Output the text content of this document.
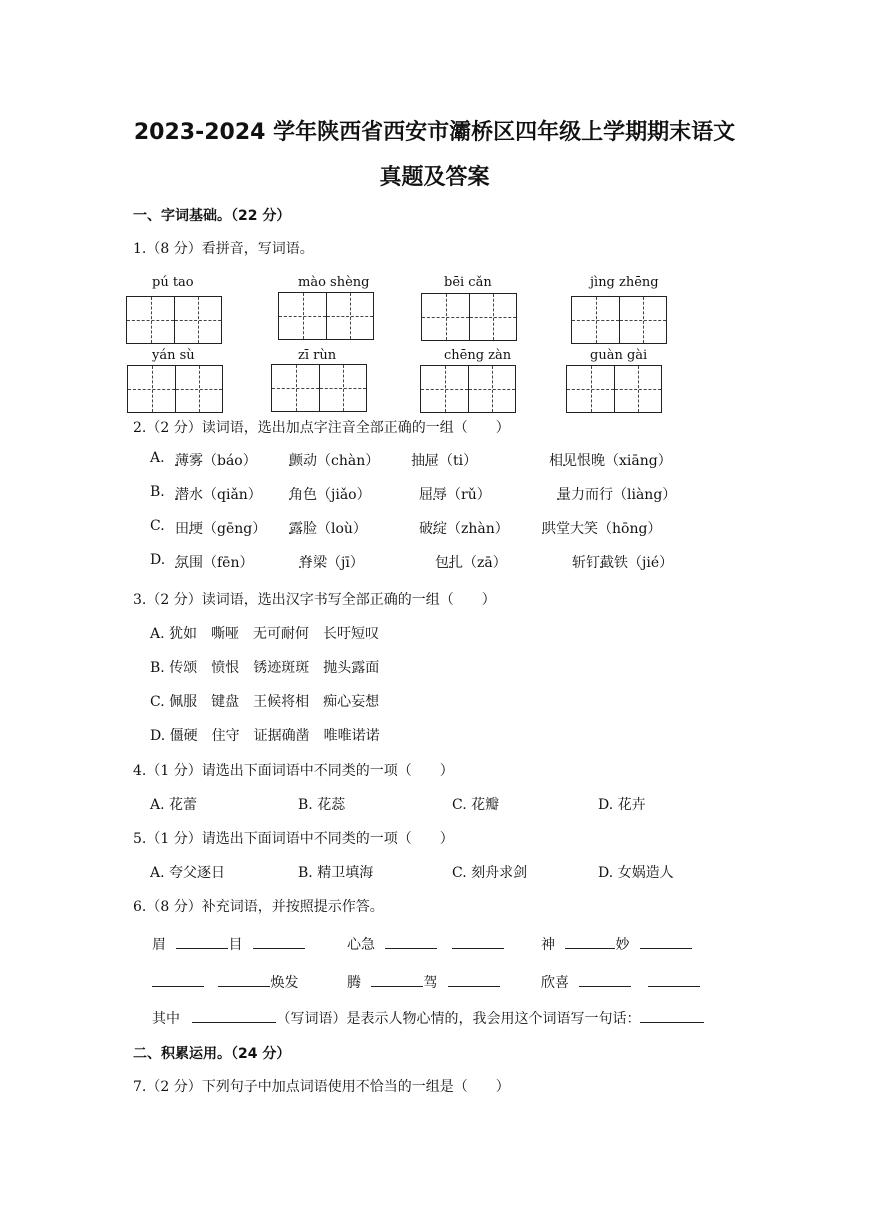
2023-2024 学年陕西省西安市灞桥区四年级上学期期末语文
真题及答案
一、字词基础。（22 分）
1.（8 分）看拼音，写词语。
pú tao	mào shèng	bēi cǎn	jìng zhēng
yán sù	zī rùn	chēng zàn	guàn gài
2.（2 分）读词语，选出加点字注音全部正确的一组（　　）
A. 薄雾（báo） 颤动（chàn） 抽屉（ti）	相见恨晚（xiāng）
B. 潜水（qiǎn） 角色（jiǎo）	屈辱（rǔ）	量力而行（liàng）
C. 田埂（gēng） 露脸（loù）	破绽（zhàn） 哄堂大笑（hōng）
D. 氛围（fēn）	脊梁（jī）	包扎（zā）	斩钉截铁（jié）
3.（2 分）读词语，选出汉字书写全部正确的一组（　　）
A. 犹如　嘶哑　无可耐何　长吁短叹
B. 传颂　愤恨　锈迹斑斑　抛头露面
C. 佩服　键盘　王候将相　痴心妄想
D. 僵硬　住守　证据确凿　唯唯诺诺
4.（1 分）请选出下面词语中不同类的一项（　　）
A. 花蕾	B. 花蕊	C. 花瓣	D. 花卉
5.（1 分）请选出下面词语中不同类的一项（　　）
A. 夸父逐日	B. 精卫填海	C. 刻舟求剑	D. 女娲造人
6.（8 分）补充词语，并按照提示作答。
眉	目	心急	神	妙
焕发	腾	驾	欣喜
其中	（写词语）是表示人物心情的，我会用这个词语写一句话：
二、积累运用。（24 分）
7.（2 分）下列句子中加点词语使用不恰当的一组是（　　）
